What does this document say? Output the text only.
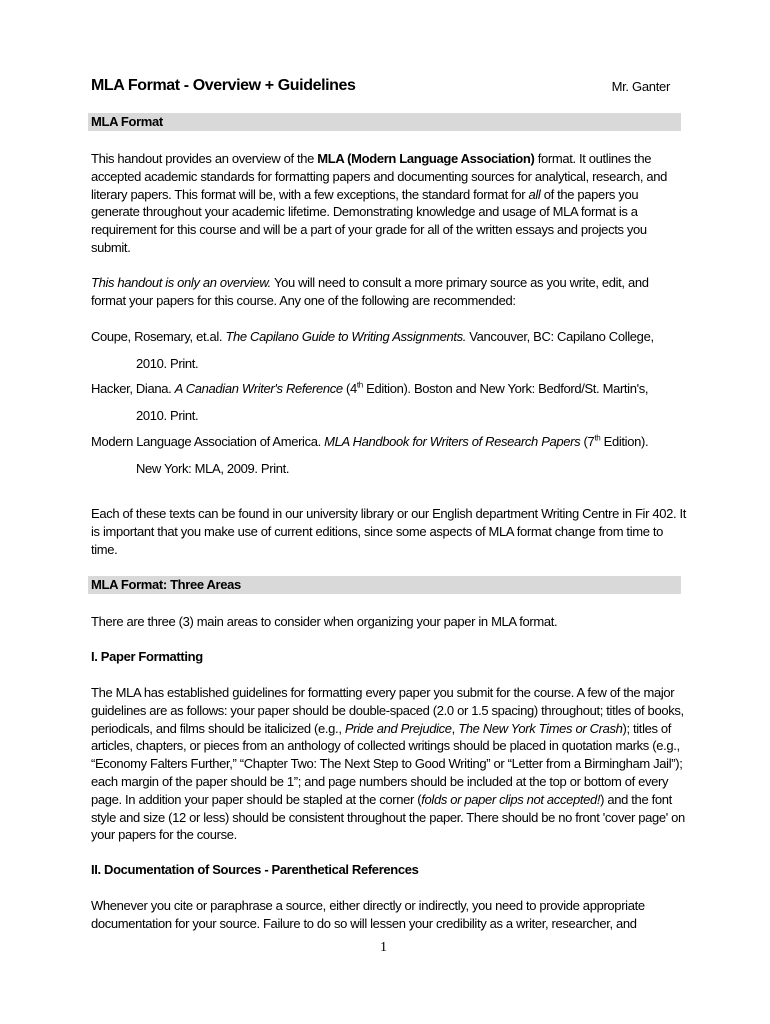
MLA Format - Overview + Guidelines	Mr. Ganter
MLA Format

This handout provides an overview of the MLA (Modern Language Association) format. It outlines the accepted academic standards for formatting papers and documenting sources for analytical, research, and literary papers. This format will be, with a few exceptions, the standard format for all of the papers you generate throughout your academic lifetime. Demonstrating knowledge and usage of MLA format is a requirement for this course and will be a part of your grade for all of the written essays and projects you submit.

This handout is only an overview. You will need to consult a more primary source as you write, edit, and format your papers for this course. Any one of the following are recommended:

Coupe, Rosemary, et.al. The Capilano Guide to Writing Assignments. Vancouver, BC: Capilano College,
2010. Print.
Hacker, Diana. A Canadian Writer's Reference (4th Edition). Boston and New York: Bedford/St. Martin's,
2010. Print.
Modern Language Association of America. MLA Handbook for Writers of Research Papers (7th Edition).
New York: MLA, 2009. Print.

Each of these texts can be found in our university library or our English department Writing Centre in Fir 402. It is important that you make use of current editions, since some aspects of MLA format change from time to time.

MLA Format: Three Areas

There are three (3) main areas to consider when organizing your paper in MLA format.

I. Paper Formatting

The MLA has established guidelines for formatting every paper you submit for the course. A few of the major guidelines are as follows: your paper should be double-spaced (2.0 or 1.5 spacing) throughout; titles of books, periodicals, and films should be italicized (e.g., Pride and Prejudice, The New York Times or Crash); titles of articles, chapters, or pieces from an anthology of collected writings should be placed in quotation marks (e.g., “Economy Falters Further,” “Chapter Two: The Next Step to Good Writing” or “Letter from a Birmingham Jail”); each margin of the paper should be 1”; and page numbers should be included at the top or bottom of every page. In addition your paper should be stapled at the corner (folds or paper clips not accepted!) and the font style and size (12 or less) should be consistent throughout the paper. There should be no front 'cover page' on your papers for the course.

II. Documentation of Sources - Parenthetical References

Whenever you cite or paraphrase a source, either directly or indirectly, you need to provide appropriate documentation for your source. Failure to do so will lessen your credibility as a writer, researcher, and

1
